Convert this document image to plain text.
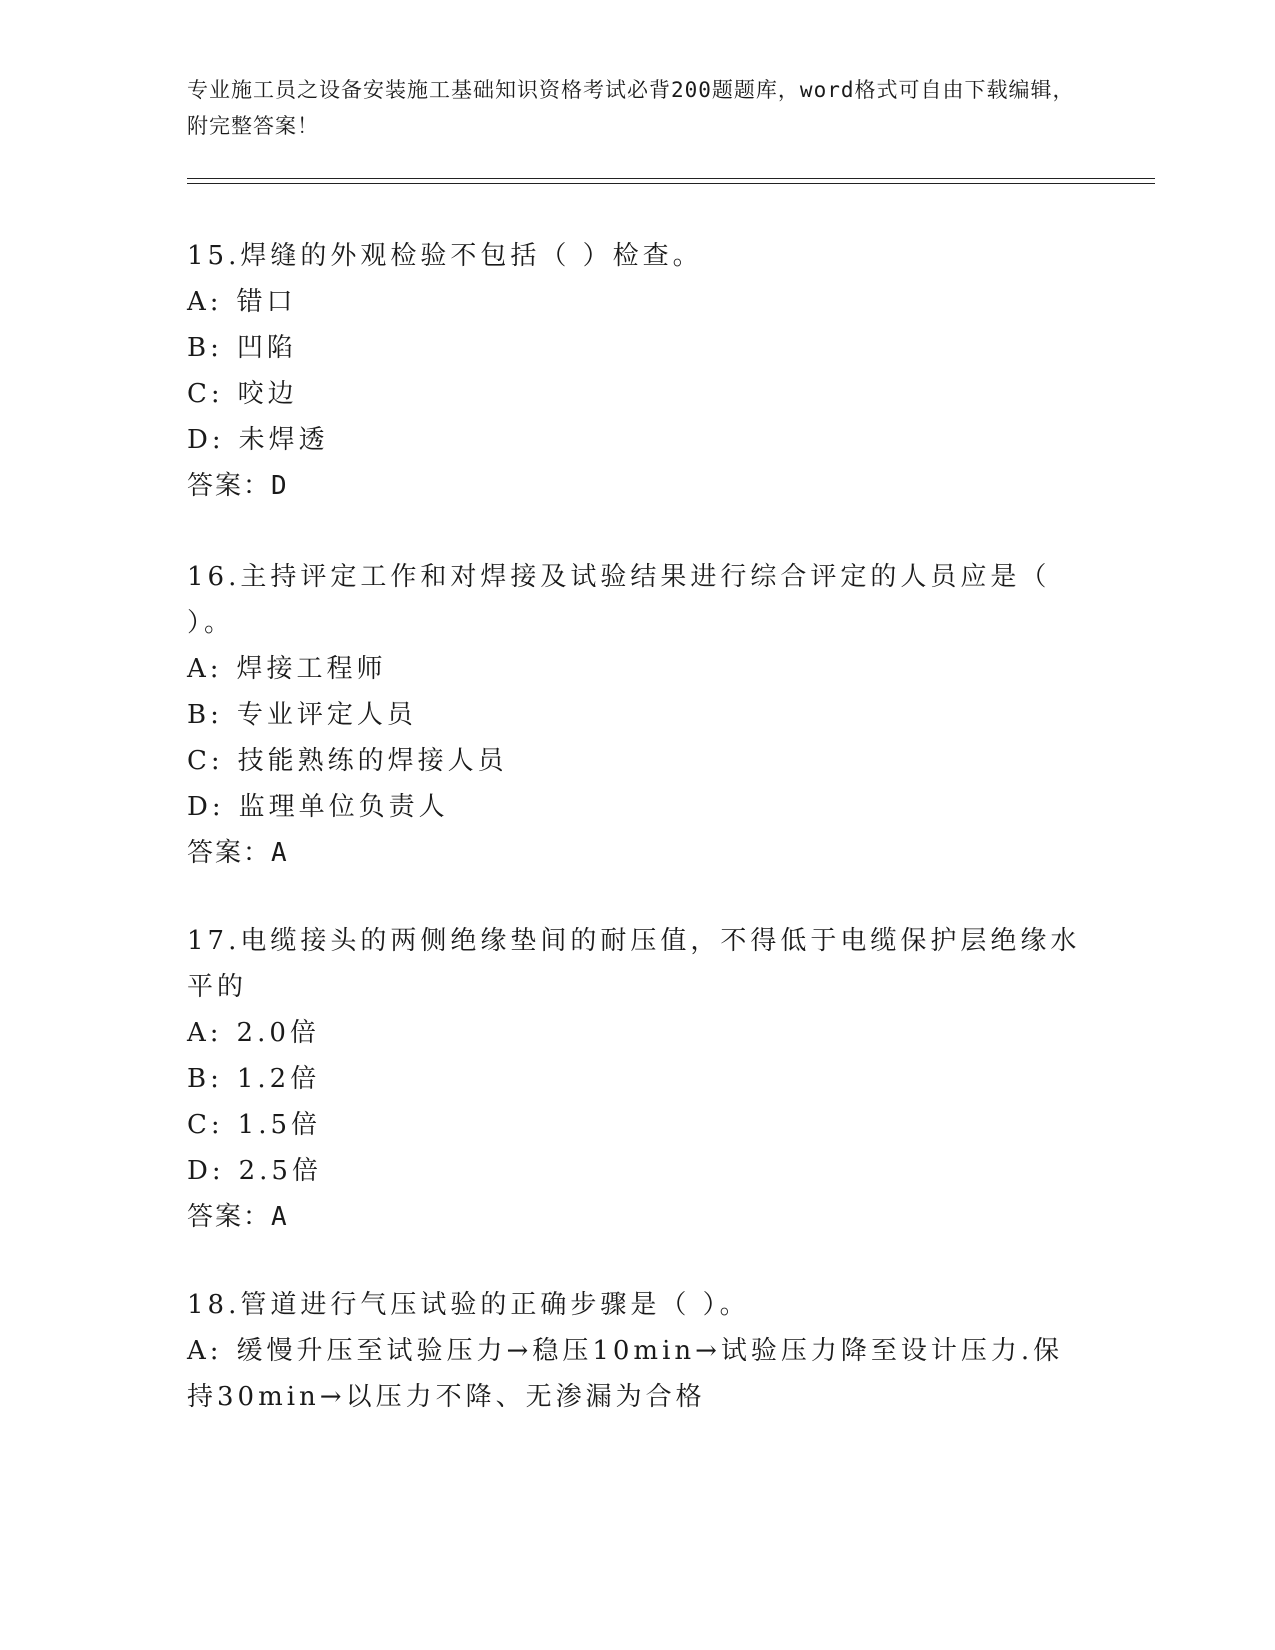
专业施工员之设备安装施工基础知识资格考试必背200题题库，word格式可自由下载编辑，附完整答案！
15.焊缝的外观检验不包括（ ）检查。
A: 错口
B: 凹陷
C: 咬边
D: 未焊透
答案：D
16.主持评定工作和对焊接及试验结果进行综合评定的人员应是（ ）。
A: 焊接工程师
B: 专业评定人员
C: 技能熟练的焊接人员
D: 监理单位负责人
答案：A
17.电缆接头的两侧绝缘垫间的耐压值，不得低于电缆保护层绝缘水平的
A: 2.0倍
B: 1.2倍
C: 1.5倍
D: 2.5倍
答案：A
18.管道进行气压试验的正确步骤是（ ）。
A: 缓慢升压至试验压力→稳压10min→试验压力降至设计压力.保持30min→以压力不降、无渗漏为合格
